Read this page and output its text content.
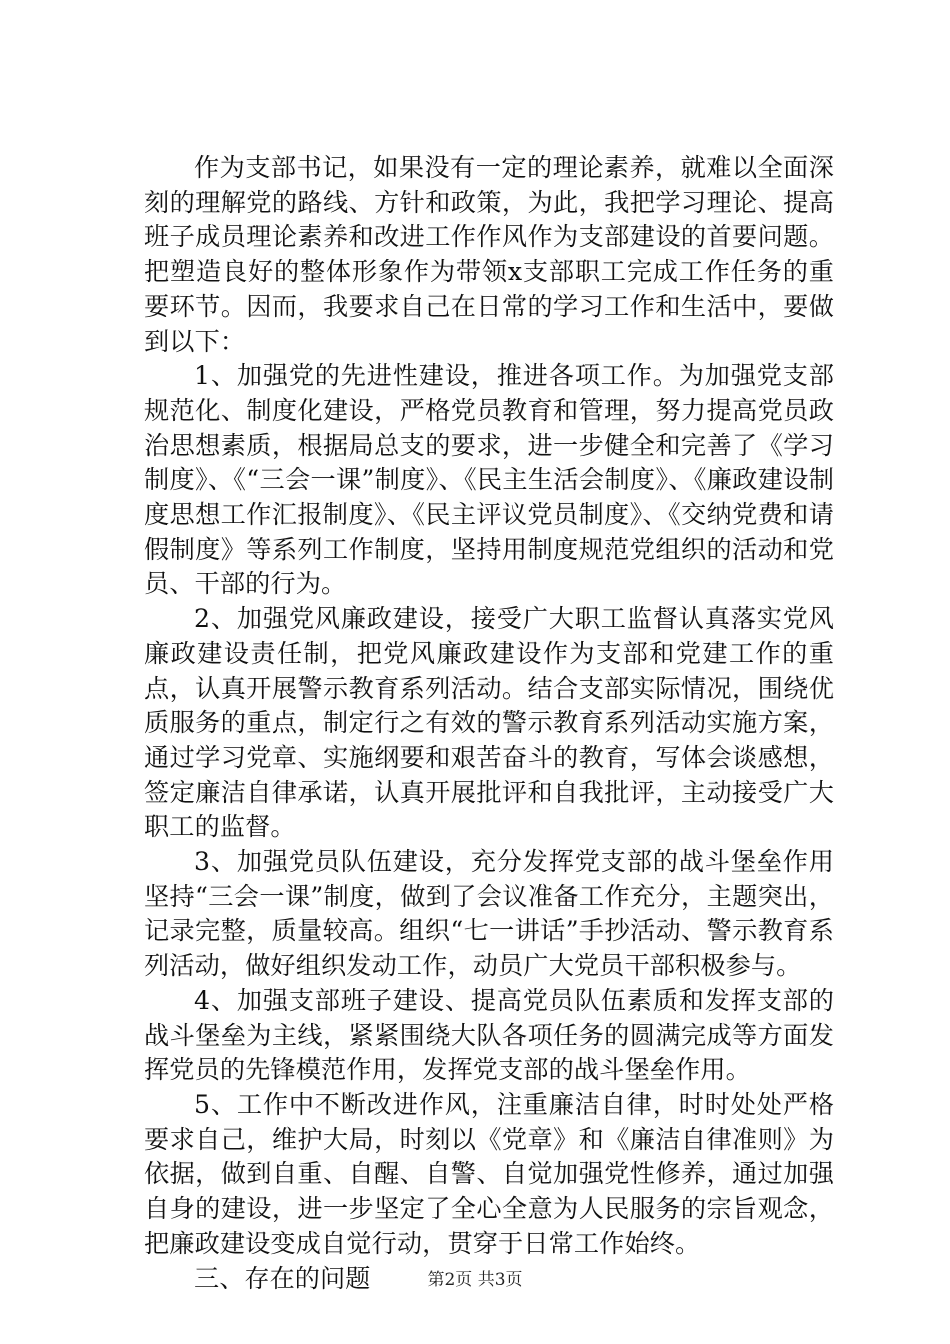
作为支部书记，如果没有一定的理论素养，就难以全面深刻的理解党的路线、方针和政策，为此，我把学习理论、提高班子成员理论素养和改进工作作风作为支部建设的首要问题。把塑造良好的整体形象作为带领x支部职工完成工作任务的重要环节。因而，我要求自己在日常的学习工作和生活中，要做到以下：

1、加强党的先进性建设，推进各项工作。为加强党支部规范化、制度化建设，严格党员教育和管理，努力提高党员政治思想素质，根据局总支的要求，进一步健全和完善了《学习制度》、《“三会一课”制度》、《民主生活会制度》、《廉政建设制度思想工作汇报制度》、《民主评议党员制度》、《交纳党费和请假制度》等系列工作制度，坚持用制度规范党组织的活动和党员、干部的行为。

2、加强党风廉政建设，接受广大职工监督认真落实党风廉政建设责任制，把党风廉政建设作为支部和党建工作的重点，认真开展警示教育系列活动。结合支部实际情况，围绕优质服务的重点，制定行之有效的警示教育系列活动实施方案，通过学习党章、实施纲要和艰苦奋斗的教育，写体会谈感想，签定廉洁自律承诺，认真开展批评和自我批评，主动接受广大职工的监督。

3、加强党员队伍建设，充分发挥党支部的战斗堡垒作用坚持“三会一课”制度，做到了会议准备工作充分，主题突出，记录完整，质量较高。组织“七一讲话”手抄活动、警示教育系列活动，做好组织发动工作，动员广大党员干部积极参与。

4、加强支部班子建设、提高党员队伍素质和发挥支部的战斗堡垒为主线，紧紧围绕大队各项任务的圆满完成等方面发挥党员的先锋模范作用，发挥党支部的战斗堡垒作用。

5、工作中不断改进作风，注重廉洁自律，时时处处严格要求自己，维护大局，时刻以《党章》和《廉洁自律准则》为依据，做到自重、自醒、自警、自觉加强党性修养，通过加强自身的建设，进一步坚定了全心全意为人民服务的宗旨观念，把廉政建设变成自觉行动，贯穿于日常工作始终。

三、存在的问题	第2页 共3页
